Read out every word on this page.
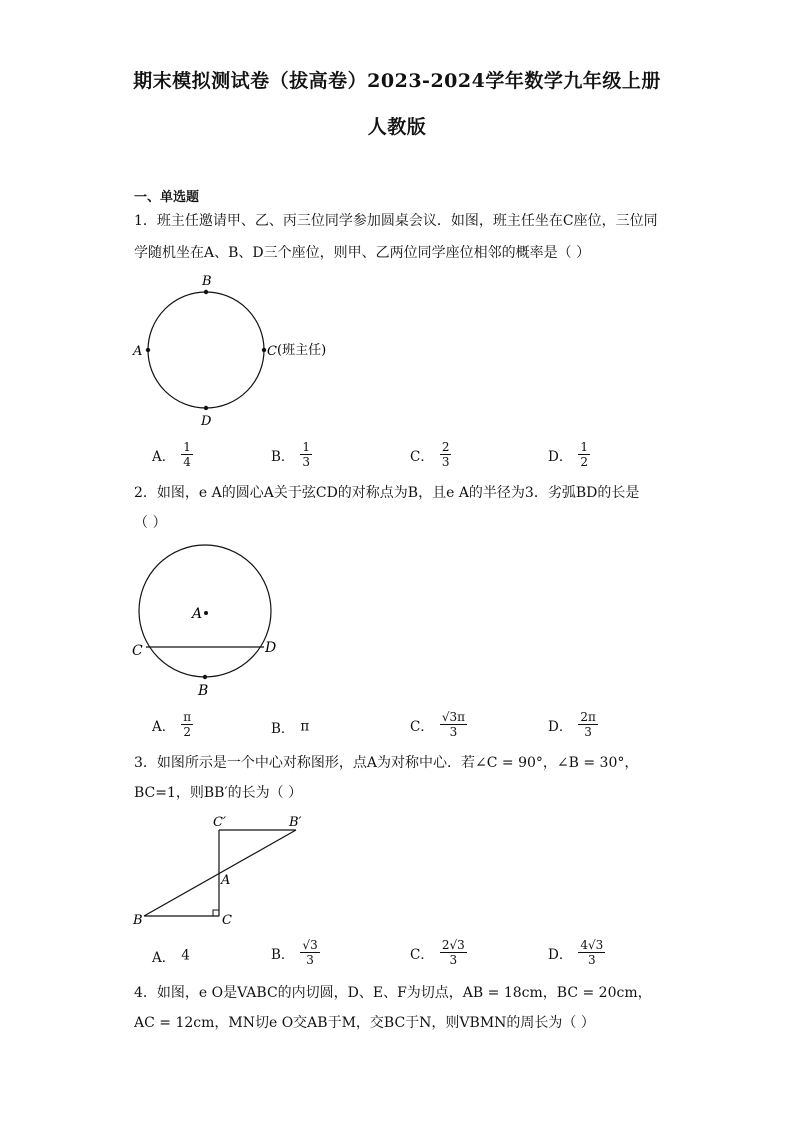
期末模拟测试卷（拔高卷）2023-2024学年数学九年级上册
人教版
一、单选题
1．班主任邀请甲、乙、丙三位同学参加圆桌会议．如图，班主任坐在C座位，三位同
学随机坐在A、B、D三个座位，则甲、乙两位同学座位相邻的概率是（ ）
B
A	C (班主任)
D
A． $\frac{1}{4}$	B． $\frac{1}{3}$	C． $\frac{2}{3}$	D． $\frac{1}{2}$
2．如图，e A的圆心A关于弦CD的对称点为B，且e A的半径为3．劣弧BD的长是
（ ）
A
C	D
B
A． $\frac{\pi}{2}$	B． π	C． $\frac{√3\pi}{3}$	D． $\frac{2\pi}{3}$
3．如图所示是一个中心对称图形，点A为对称中心．若∠C = 90°，∠B = 30°，
BC=1，则BB′的长为（ ）
C′	B′
A
B	C
A． 4	B． $\frac{√3}{3}$	C． $\frac{2√3}{3}$	D． $\frac{4√3}{3}$
4．如图，e O是VABC的内切圆，D、E、F为切点，AB = 18cm，BC = 20cm，
AC = 12cm，MN切e O交AB于M，交BC于N，则VBMN的周长为（ ）
